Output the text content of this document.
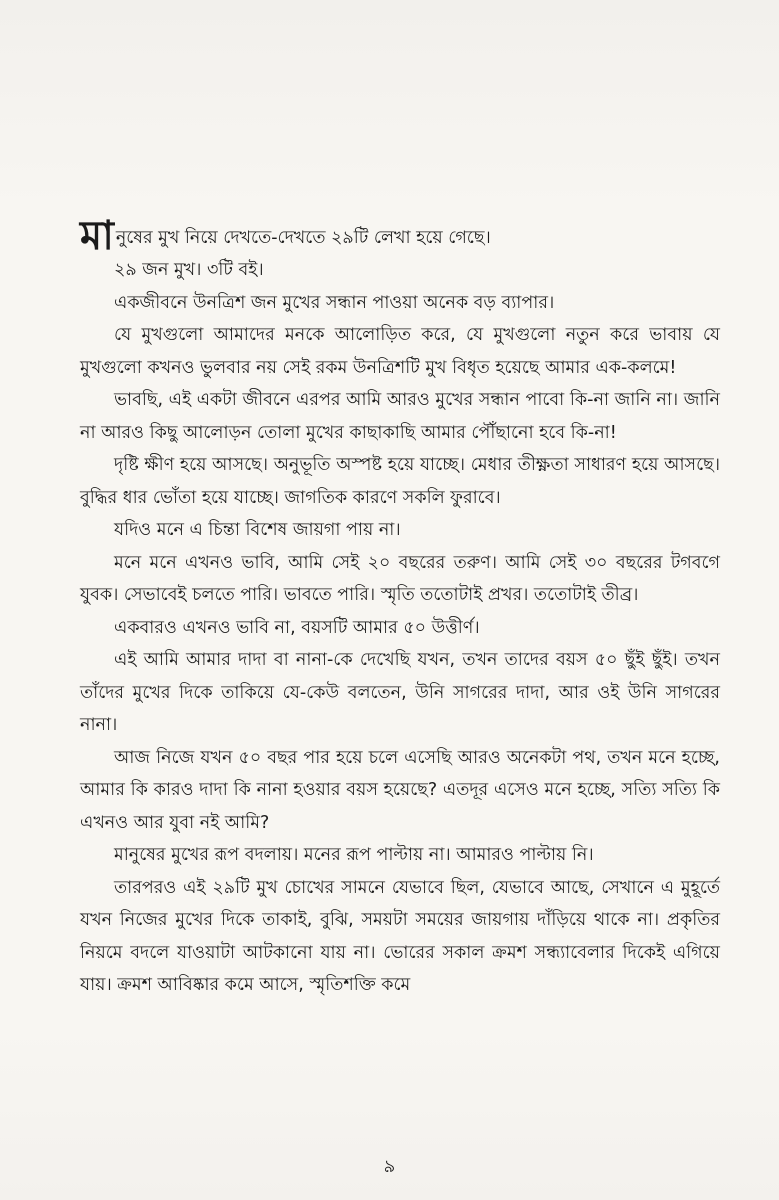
মা নুষের মুখ নিয়ে দেখতে-দেখতে ২৯টি লেখা হয়ে গেছে।

২৯ জন মুখ। ৩টি বই।

একজীবনে উনত্রিশ জন মুখের সন্ধান পাওয়া অনেক বড় ব্যাপার।

যে মুখগুলো আমাদের মনকে আলোড়িত করে, যে মুখগুলো নতুন করে ভাবায় যে মুখগুলো কখনও ভুলবার নয় সেই রকম উনত্রিশটি মুখ বিধৃত হয়েছে আমার এক-কলমে!

ভাবছি, এই একটা জীবনে এরপর আমি আরও মুখের সন্ধান পাবো কি-না জানি না। জানি না আরও কিছু আলোড়ন তোলা মুখের কাছাকাছি আমার পৌঁছানো হবে কি-না!

দৃষ্টি ক্ষীণ হয়ে আসছে। অনুভূতি অস্পষ্ট হয়ে যাচ্ছে। মেধার তীক্ষ্ণতা সাধারণ হয়ে আসছে। বুদ্ধির ধার ভোঁতা হয়ে যাচ্ছে। জাগতিক কারণে সকলি ফুরাবে।

যদিও মনে এ চিন্তা বিশেষ জায়গা পায় না।

মনে মনে এখনও ভাবি, আমি সেই ২০ বছরের তরুণ। আমি সেই ৩০ বছরের টগবগে যুবক। সেভাবেই চলতে পারি। ভাবতে পারি। স্মৃতি ততোটাই প্রখর। ততোটাই তীব্র।

একবারও এখনও ভাবি না, বয়সটি আমার ৫০ উত্তীর্ণ।

এই আমি আমার দাদা বা নানা-কে দেখেছি যখন, তখন তাদের বয়স ৫০ ছুঁই ছুঁই। তখন তাঁদের মুখের দিকে তাকিয়ে যে-কেউ বলতেন, উনি সাগরের দাদা, আর ওই উনি সাগরের নানা।

আজ নিজে যখন ৫০ বছর পার হয়ে চলে এসেছি আরও অনেকটা পথ, তখন মনে হচ্ছে, আমার কি কারও দাদা কি নানা হওয়ার বয়স হয়েছে? এতদূর এসেও মনে হচ্ছে, সত্যি সত্যি কি এখনও আর যুবা নই আমি?

মানুষের মুখের রূপ বদলায়। মনের রূপ পাল্টায় না। আমারও পাল্টায় নি।

তারপরও এই ২৯টি মুখ চোখের সামনে যেভাবে ছিল, যেভাবে আছে, সেখানে এ মুহূর্তে যখন নিজের মুখের দিকে তাকাই, বুঝি, সময়টা সময়ের জায়গায় দাঁড়িয়ে থাকে না। প্রকৃতির নিয়মে বদলে যাওয়াটা আটকানো যায় না। ভোরের সকাল ক্রমশ সন্ধ্যাবেলার দিকেই এগিয়ে যায়। ক্রমশ আবিষ্কার কমে আসে, স্মৃতিশক্তি কমে

৯
